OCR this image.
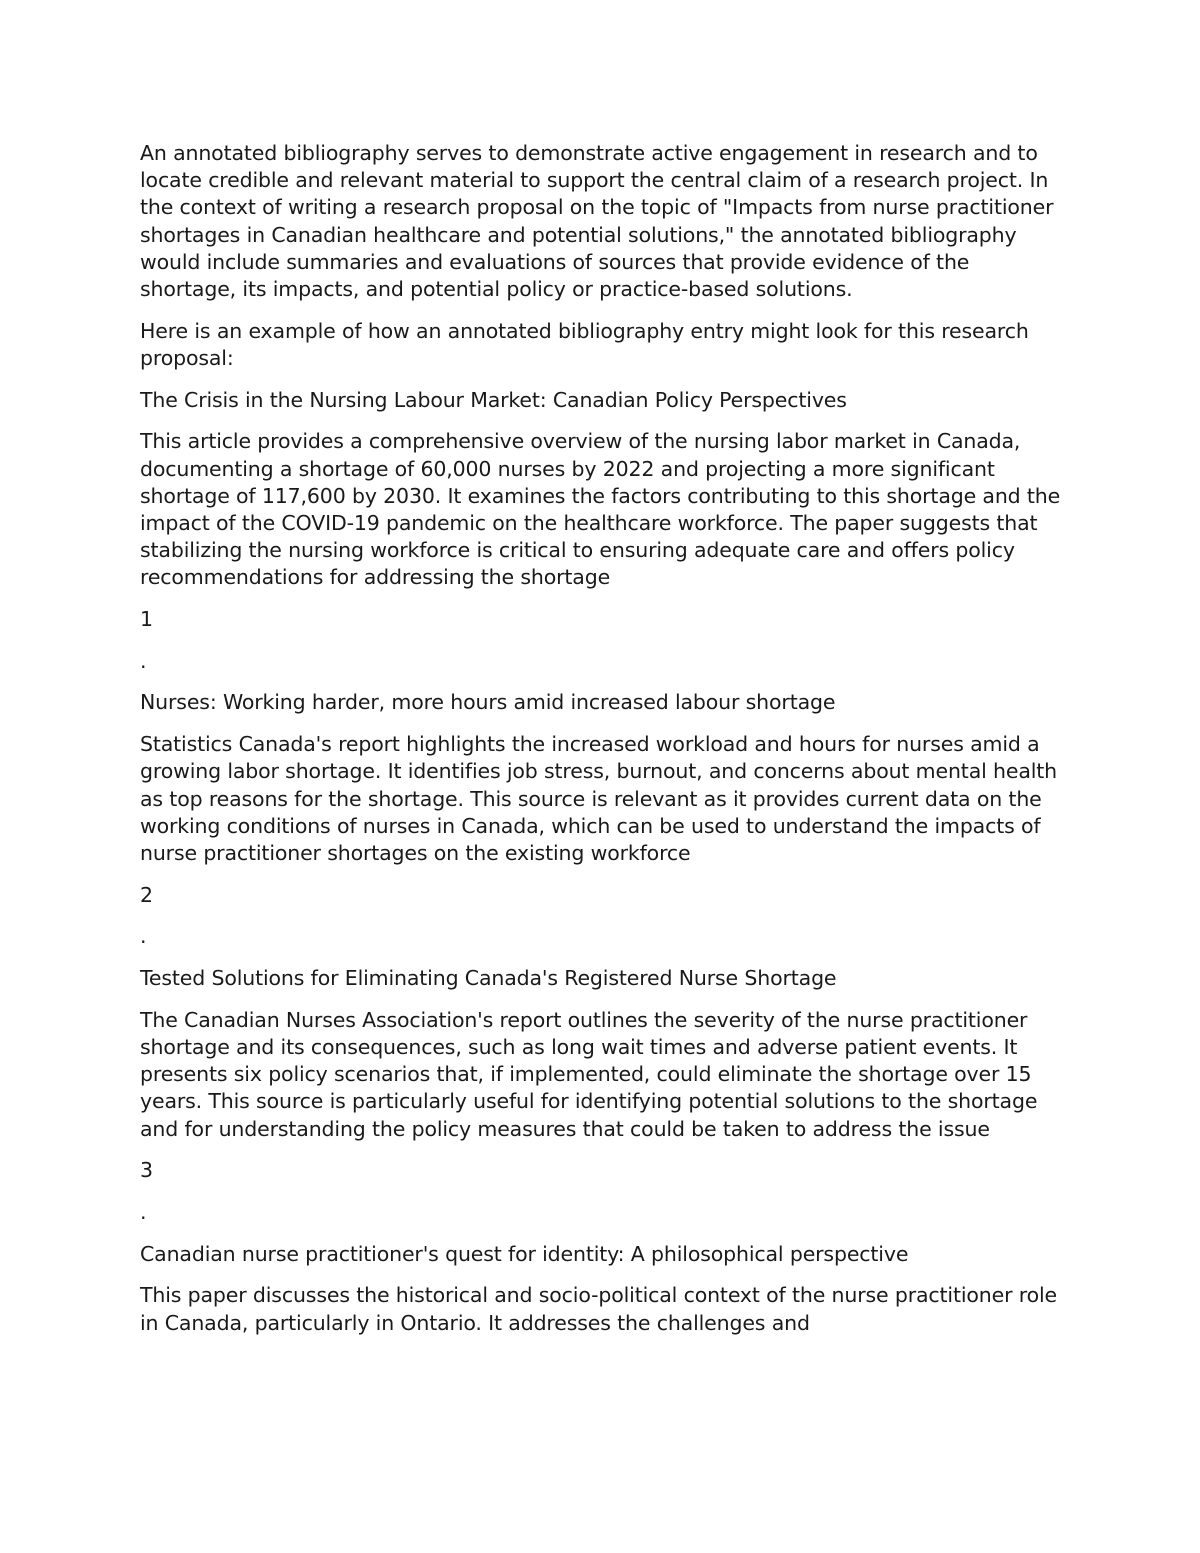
An annotated bibliography serves to demonstrate active engagement in research and to locate credible and relevant material to support the central claim of a research project. In the context of writing a research proposal on the topic of "Impacts from nurse practitioner shortages in Canadian healthcare and potential solutions," the annotated bibliography would include summaries and evaluations of sources that provide evidence of the shortage, its impacts, and potential policy or practice-based solutions.

Here is an example of how an annotated bibliography entry might look for this research proposal:

The Crisis in the Nursing Labour Market: Canadian Policy Perspectives

This article provides a comprehensive overview of the nursing labor market in Canada, documenting a shortage of 60,000 nurses by 2022 and projecting a more significant shortage of 117,600 by 2030. It examines the factors contributing to this shortage and the impact of the COVID-19 pandemic on the healthcare workforce. The paper suggests that stabilizing the nursing workforce is critical to ensuring adequate care and offers policy recommendations for addressing the shortage

1

.

Nurses: Working harder, more hours amid increased labour shortage

Statistics Canada's report highlights the increased workload and hours for nurses amid a growing labor shortage. It identifies job stress, burnout, and concerns about mental health as top reasons for the shortage. This source is relevant as it provides current data on the working conditions of nurses in Canada, which can be used to understand the impacts of nurse practitioner shortages on the existing workforce

2

.

Tested Solutions for Eliminating Canada's Registered Nurse Shortage

The Canadian Nurses Association's report outlines the severity of the nurse practitioner shortage and its consequences, such as long wait times and adverse patient events. It presents six policy scenarios that, if implemented, could eliminate the shortage over 15 years. This source is particularly useful for identifying potential solutions to the shortage and for understanding the policy measures that could be taken to address the issue

3

.

Canadian nurse practitioner's quest for identity: A philosophical perspective

This paper discusses the historical and socio-political context of the nurse practitioner role in Canada, particularly in Ontario. It addresses the challenges and
